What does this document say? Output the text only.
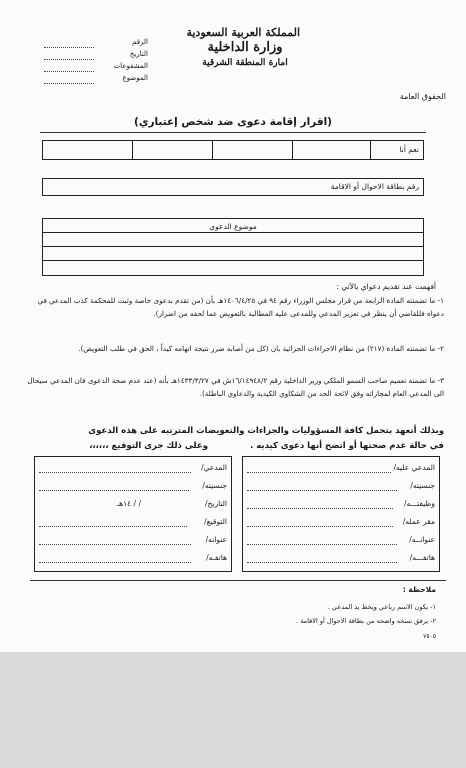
الرقم
التاريخ
المشفوعات
الموضوع
المملكة العربية السعودية
وزارة الداخلية
امارة المنطقة الشرقية
الحقوق العامة
(اقرار إقامة دعوى ضد شخص إعتباري)
نعم أنا
رقم بطاقة الاحوال أو الاقامة
موضوع الدعوى
أفهمت عند تقديم دعواي بالآتي :
١- ما تضمنته المادة الرابعة من قرار مجلس الوزراء رقم ٩٤ في ١٤٠٦/٤/٢٥هـ بأن (من تقدم بدعوى خاصة وثبت للمحكمة كذب المدعي في دعواه فللقاضي أن ينظر في تعزير المدعي وللمدعى عليه المطالبة بالتعويض عما لحقه من اضرار).
٢- ما تضمنته المادة (٢١٧) من نظام الاجراءات الجزائية بان (كل من أصابه ضرر نتيجة اتهامه كيداً ، الحق في طلب التعويض).
٣- ما تضمنه تعميم صاحب السمو الملكي وزير الداخلية رقم ١٦/١٤٩٤٨/٢ش في ١٤٣٣/٣/٢٧هـ بأنه (عند عدم صحة الدعوى فان المدعي سيحال الى المدعي العام لمجازاته وفق لائحة الحد من الشكاوي الكيدية والدعاوي الباطلة).
وبذلك أتعهد بتحمل كافة المسؤوليات والجزاءات والتعويضات المترتبه على هذه الدعوى
في حالة عدم صحتها أو اتضح أنها دعوى كيديه .
وعلى ذلك جرى التوقيع ،،،،،،
المدعي عليه/
جنسيته/
وظيفتـــه/
مقر عمله/
عنوانــه/
هاتفـــه/
المدعي/
جنسيته/
التاريخ/
/ / ١٤هـ
التوقيع/
عنوانه/
هاتفـه/
ملاحظة :
١- يكون الاسم رباعي ويخط يد المدعي .
٢- يرفق نسخه واضحه من بطاقة الاحوال أو الاقامة .
٧٥٠٥
